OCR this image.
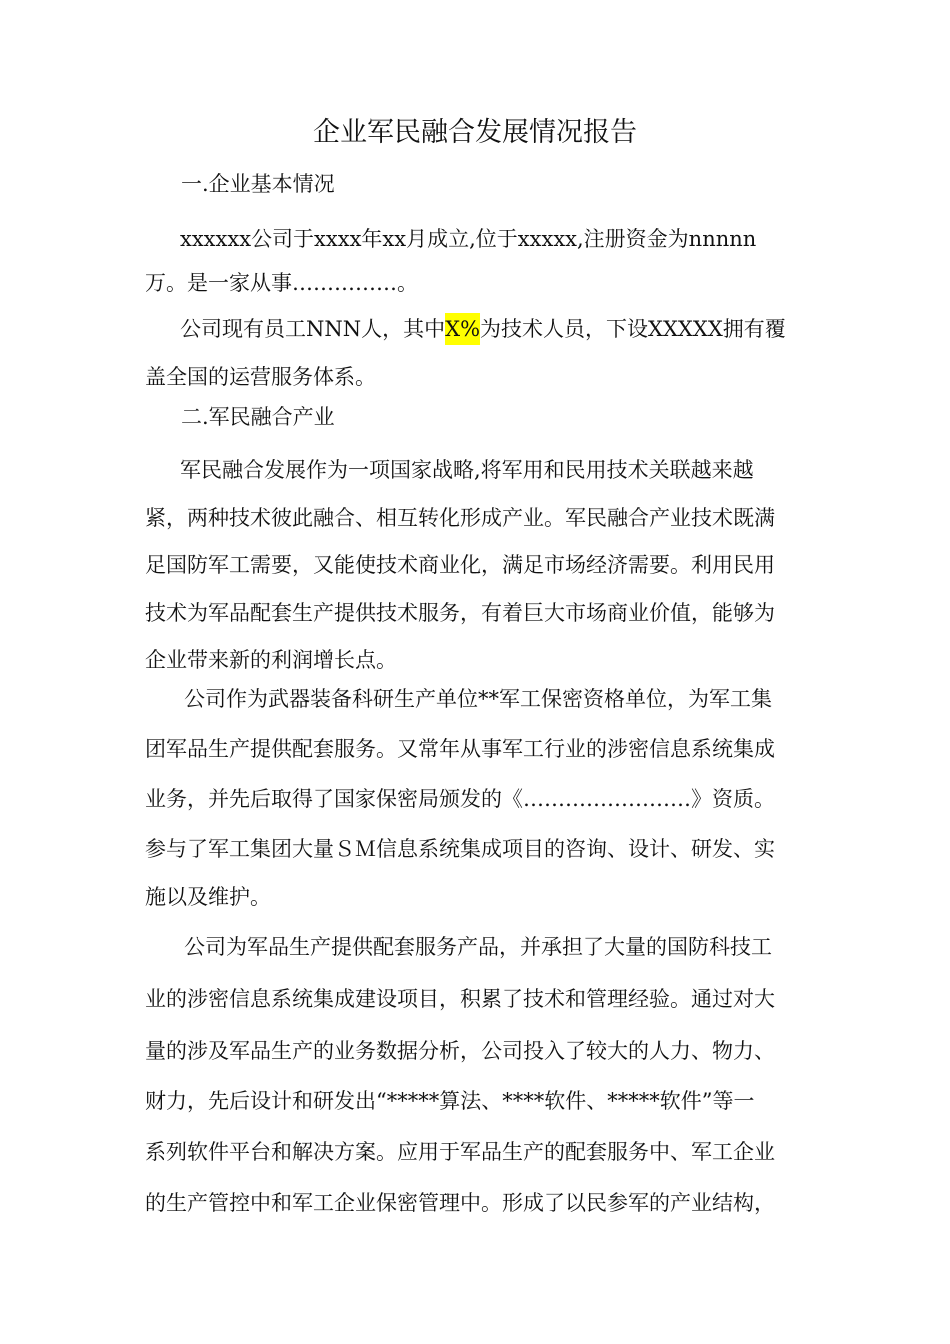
企业军民融合发展情况报告
一.企业基本情况
xxxxxx公司于xxxx年xx月成立,位于xxxxx,注册资金为nnnnn
万。是一家从事……………。
公司现有员工NNN人，其中X%为技术人员，下设XXXXX拥有覆
盖全国的运营服务体系。
二.军民融合产业
军民融合发展作为一项国家战略,将军用和民用技术关联越来越
紧，两种技术彼此融合、相互转化形成产业。军民融合产业技术既满
足国防军工需要，又能使技术商业化，满足市场经济需要。利用民用
技术为军品配套生产提供技术服务，有着巨大市场商业价值，能够为
企业带来新的利润增长点。
公司作为武器装备科研生产单位**军工保密资格单位，为军工集
团军品生产提供配套服务。又常年从事军工行业的涉密信息系统集成
业务，并先后取得了国家保密局颁发的《……………………》资质。
参与了军工集团大量ＳＭ信息系统集成项目的咨询、设计、研发、实
施以及维护。
公司为军品生产提供配套服务产品，并承担了大量的国防科技工
业的涉密信息系统集成建设项目，积累了技术和管理经验。通过对大
量的涉及军品生产的业务数据分析，公司投入了较大的人力、物力、
财力，先后设计和研发出“*****算法、****软件、*****软件”等一
系列软件平台和解决方案。应用于军品生产的配套服务中、军工企业
的生产管控中和军工企业保密管理中。形成了以民参军的产业结构，
